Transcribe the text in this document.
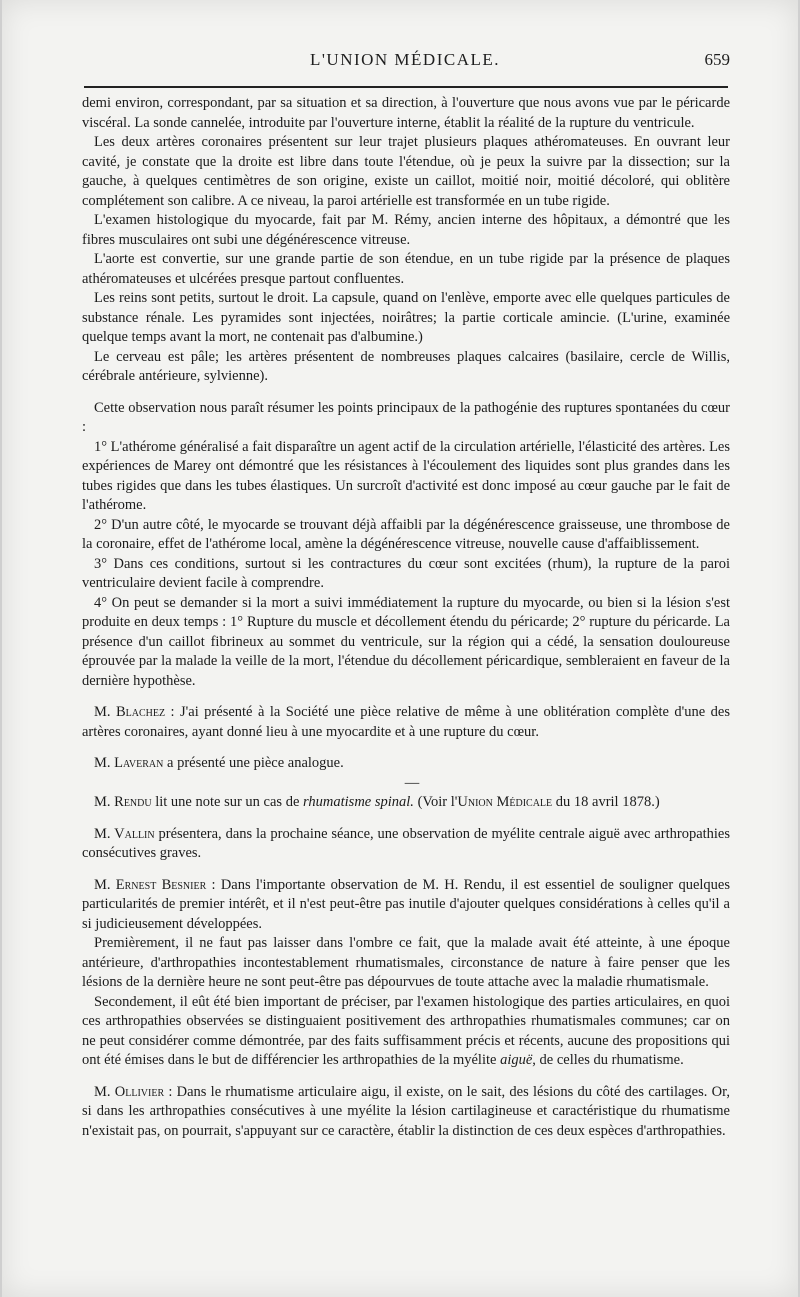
L'UNION MÉDICALE.	659

demi environ, correspondant, par sa situation et sa direction, à l'ouverture que nous avons vue par le péricarde viscéral. La sonde cannelée, introduite par l'ouverture interne, établit la réalité de la rupture du ventricule.

Les deux artères coronaires présentent sur leur trajet plusieurs plaques athéromateuses. En ouvrant leur cavité, je constate que la droite est libre dans toute l'étendue, où je peux la suivre par la dissection; sur la gauche, à quelques centimètres de son origine, existe un caillot, moitié noir, moitié décoloré, qui oblitère complétement son calibre. A ce niveau, la paroi artérielle est transformée en un tube rigide.

L'examen histologique du myocarde, fait par M. Rémy, ancien interne des hôpitaux, a démontré que les fibres musculaires ont subi une dégénérescence vitreuse.

L'aorte est convertie, sur une grande partie de son étendue, en un tube rigide par la présence de plaques athéromateuses et ulcérées presque partout confluentes.

Les reins sont petits, surtout le droit. La capsule, quand on l'enlève, emporte avec elle quelques particules de substance rénale. Les pyramides sont injectées, noirâtres; la partie corticale amincie. (L'urine, examinée quelque temps avant la mort, ne contenait pas d'albumine.)

Le cerveau est pâle; les artères présentent de nombreuses plaques calcaires (basilaire, cercle de Willis, cérébrale antérieure, sylvienne).

Cette observation nous paraît résumer les points principaux de la pathogénie des ruptures spontanées du cœur :

1° L'athérome généralisé a fait disparaître un agent actif de la circulation artérielle, l'élasticité des artères. Les expériences de Marey ont démontré que les résistances à l'écoulement des liquides sont plus grandes dans les tubes rigides que dans les tubes élastiques. Un surcroît d'activité est donc imposé au cœur gauche par le fait de l'athérome.

2° D'un autre côté, le myocarde se trouvant déjà affaibli par la dégénérescence graisseuse, une thrombose de la coronaire, effet de l'athérome local, amène la dégénérescence vitreuse, nouvelle cause d'affaiblissement.

3° Dans ces conditions, surtout si les contractures du cœur sont excitées (rhum), la rupture de la paroi ventriculaire devient facile à comprendre.

4° On peut se demander si la mort a suivi immédiatement la rupture du myocarde, ou bien si la lésion s'est produite en deux temps : 1° Rupture du muscle et décollement étendu du péricarde; 2° rupture du péricarde. La présence d'un caillot fibrineux au sommet du ventricule, sur la région qui a cédé, la sensation douloureuse éprouvée par la malade la veille de la mort, l'étendue du décollement péricardique, sembleraient en faveur de la dernière hypothèse.

M. Blachez : J'ai présenté à la Société une pièce relative de même à une oblitération complète d'une des artères coronaires, ayant donné lieu à une myocardite et à une rupture du cœur.

M. Laveran a présenté une pièce analogue.

—

M. Rendu lit une note sur un cas de rhumatisme spinal. (Voir l'Union Médicale du 18 avril 1878.)

M. Vallin présentera, dans la prochaine séance, une observation de myélite centrale aiguë avec arthropathies consécutives graves.

M. Ernest Besnier : Dans l'importante observation de M. H. Rendu, il est essentiel de souligner quelques particularités de premier intérêt, et il n'est peut-être pas inutile d'ajouter quelques considérations à celles qu'il a si judicieusement développées.

Premièrement, il ne faut pas laisser dans l'ombre ce fait, que la malade avait été atteinte, à une époque antérieure, d'arthropathies incontestablement rhumatismales, circonstance de nature à faire penser que les lésions de la dernière heure ne sont peut-être pas dépourvues de toute attache avec la maladie rhumatismale.

Secondement, il eût été bien important de préciser, par l'examen histologique des parties articulaires, en quoi ces arthropathies observées se distinguaient positivement des arthropathies rhumatismales communes; car on ne peut considérer comme démontrée, par des faits suffisamment précis et récents, aucune des propositions qui ont été émises dans le but de différencier les arthropathies de la myélite aiguë, de celles du rhumatisme.

M. Ollivier : Dans le rhumatisme articulaire aigu, il existe, on le sait, des lésions du côté des cartilages. Or, si dans les arthropathies consécutives à une myélite la lésion cartilagineuse et caractéristique du rhumatisme n'existait pas, on pourrait, s'appuyant sur ce caractère, établir la distinction de ces deux espèces d'arthropathies.
